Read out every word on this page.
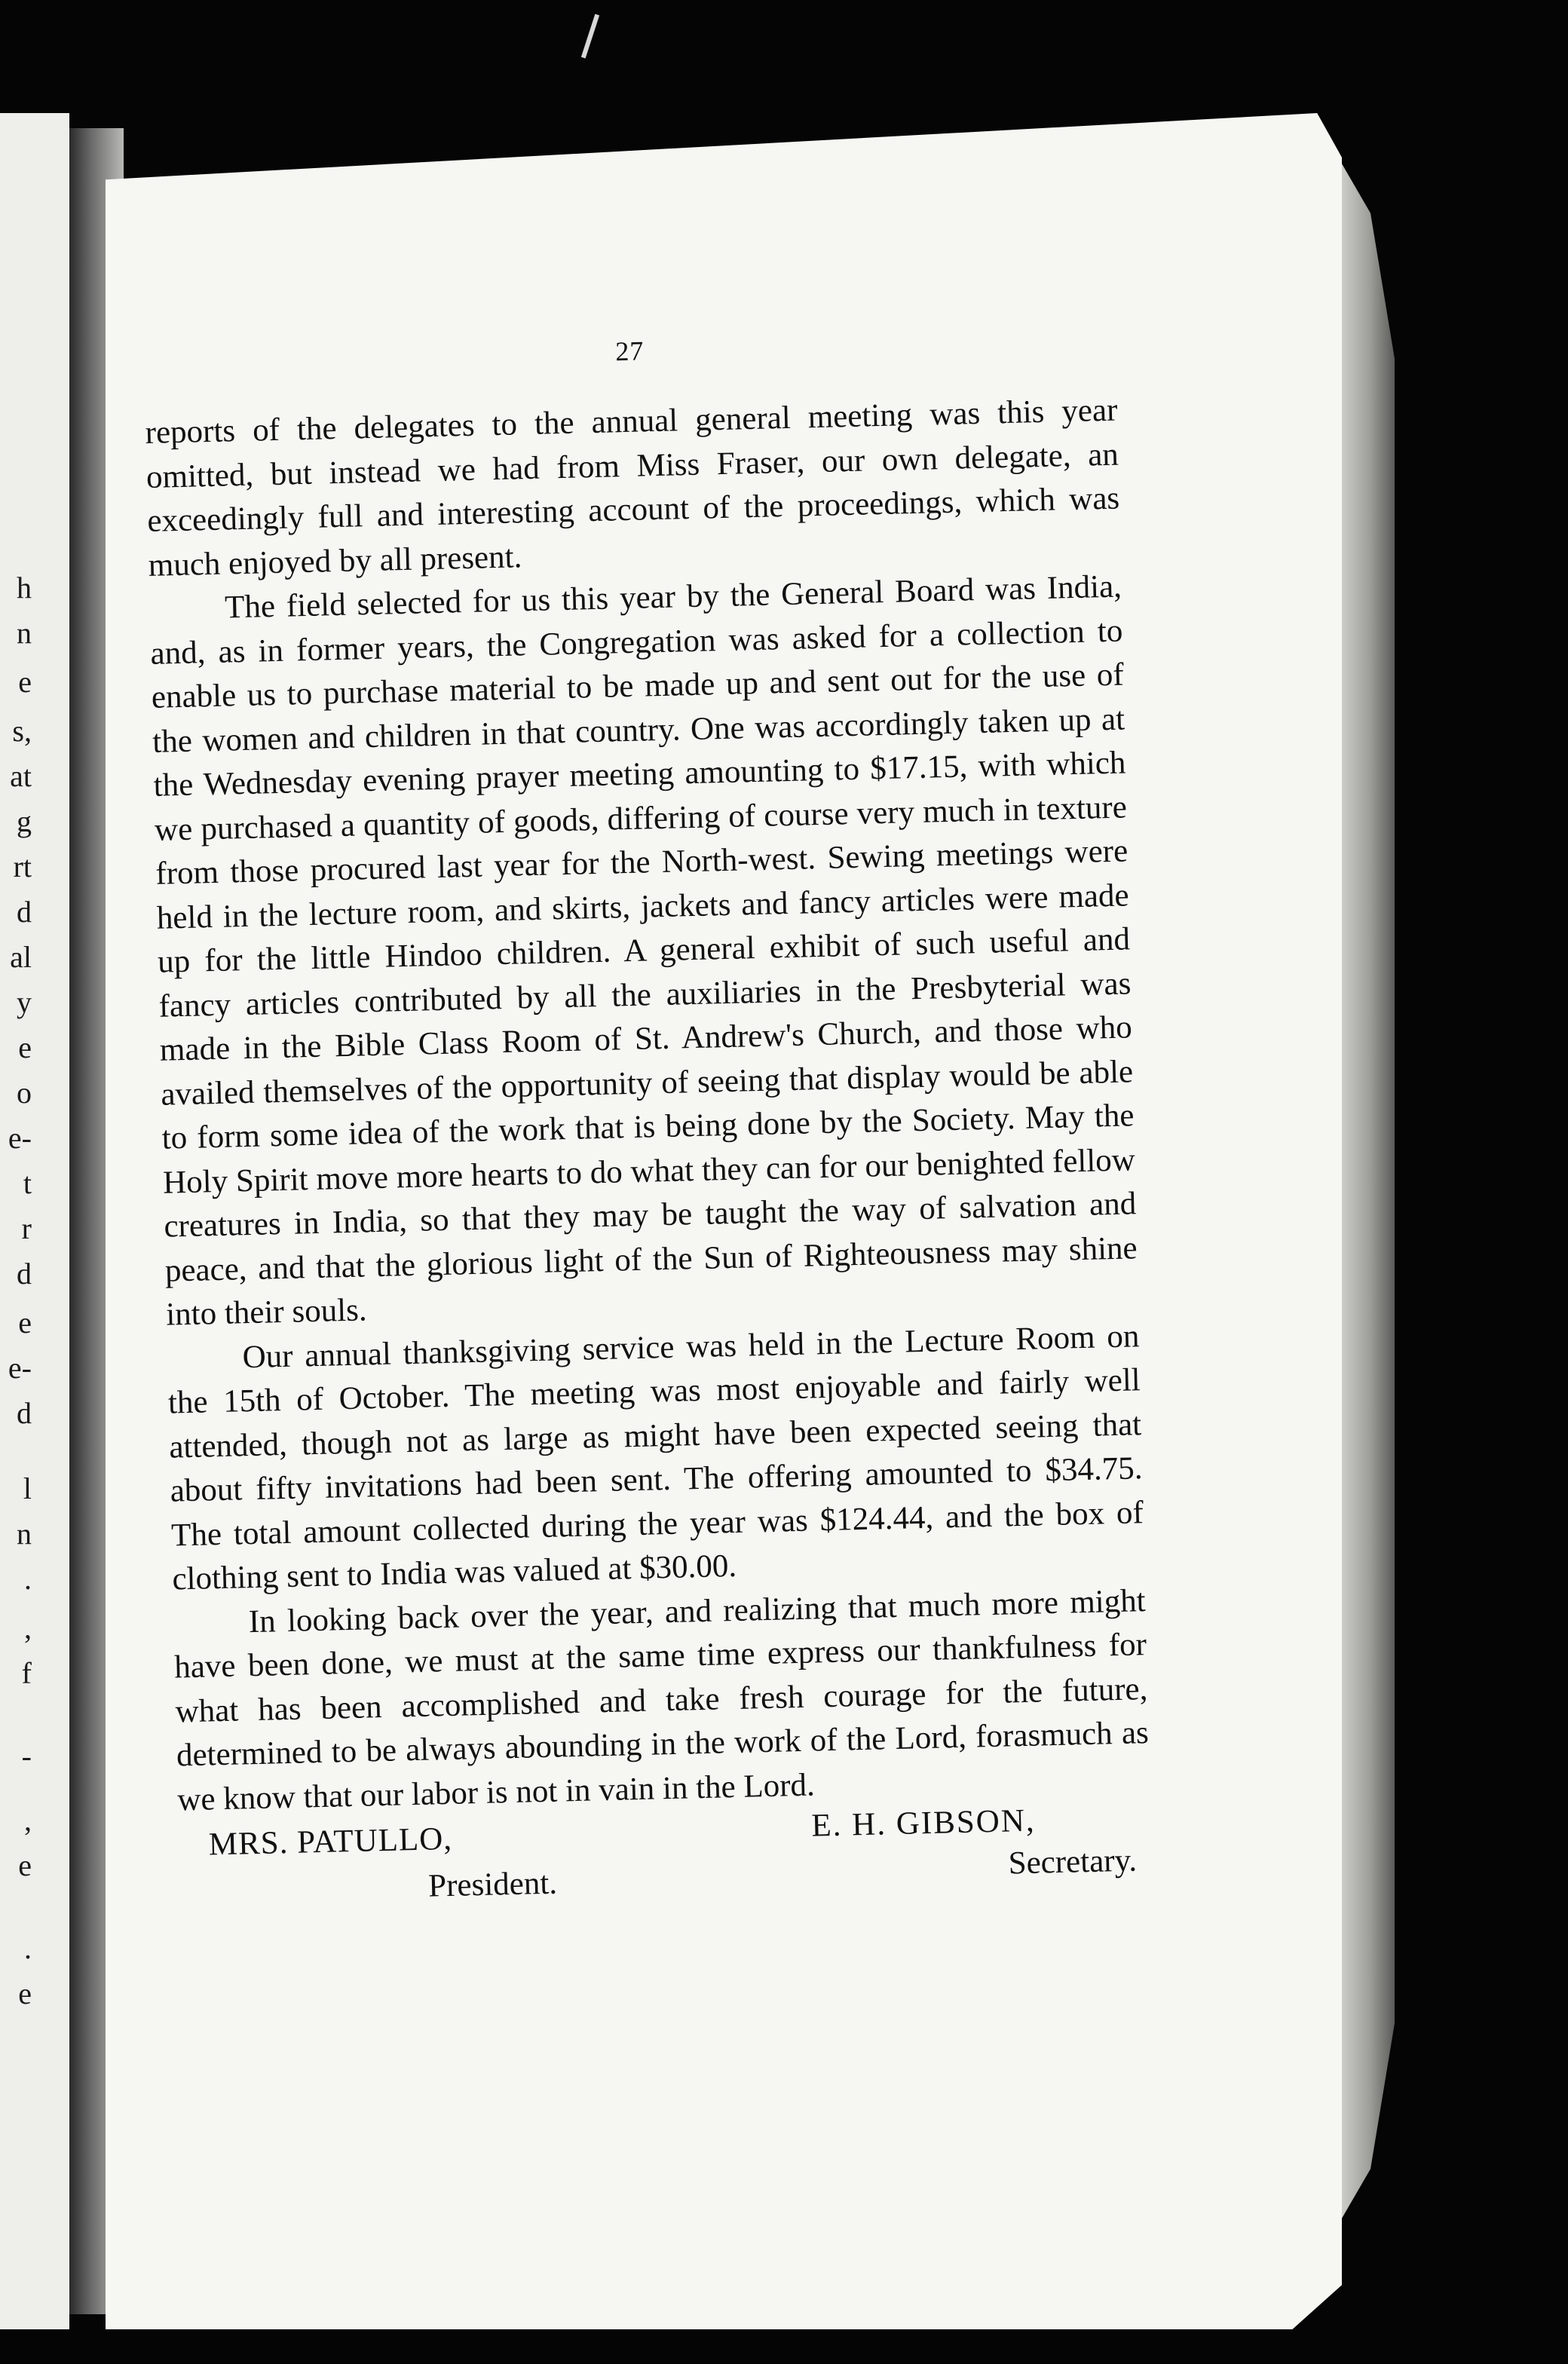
h
n
e
s,
at
g
rt
d
al
y
e
o
e-
t
r
d
e
e-
d
l
n
.
,
f
-
,
e
.
e
27

reports of the delegates to the annual general meeting was this year omitted, but instead we had from Miss Fraser, our own delegate, an exceedingly full and interesting account of the proceedings, which was much enjoyed by all present.

The field selected for us this year by the General Board was India, and, as in former years, the Congregation was asked for a collection to enable us to purchase material to be made up and sent out for the use of the women and children in that country. One was accordingly taken up at the Wednesday evening prayer meeting amounting to $17.15, with which we purchased a quantity of goods, differing of course very much in texture from those procured last year for the North-west. Sewing meetings were held in the lecture room, and skirts, jackets and fancy articles were made up for the little Hindoo children. A general exhibit of such useful and fancy articles contributed by all the auxiliaries in the Presbyterial was made in the Bible Class Room of St. Andrew's Church, and those who availed themselves of the opportunity of seeing that display would be able to form some idea of the work that is being done by the Society. May the Holy Spirit move more hearts to do what they can for our benighted fellow creatures in India, so that they may be taught the way of salvation and peace, and that the glorious light of the Sun of Righteousness may shine into their souls.

Our annual thanksgiving service was held in the Lecture Room on the 15th of October. The meeting was most enjoyable and fairly well attended, though not as large as might have been expected seeing that about fifty invitations had been sent. The offering amounted to $34.75. The total amount collected during the year was $124.44, and the box of clothing sent to India was valued at $30.00.

In looking back over the year, and realizing that much more might have been done, we must at the same time express our thankfulness for what has been accomplished and take fresh courage for the future, determined to be always abounding in the work of the Lord, forasmuch as we know that our labor is not in vain in the Lord.

MRS. PATULLO,
President.
E. H. GIBSON,
Secretary.
